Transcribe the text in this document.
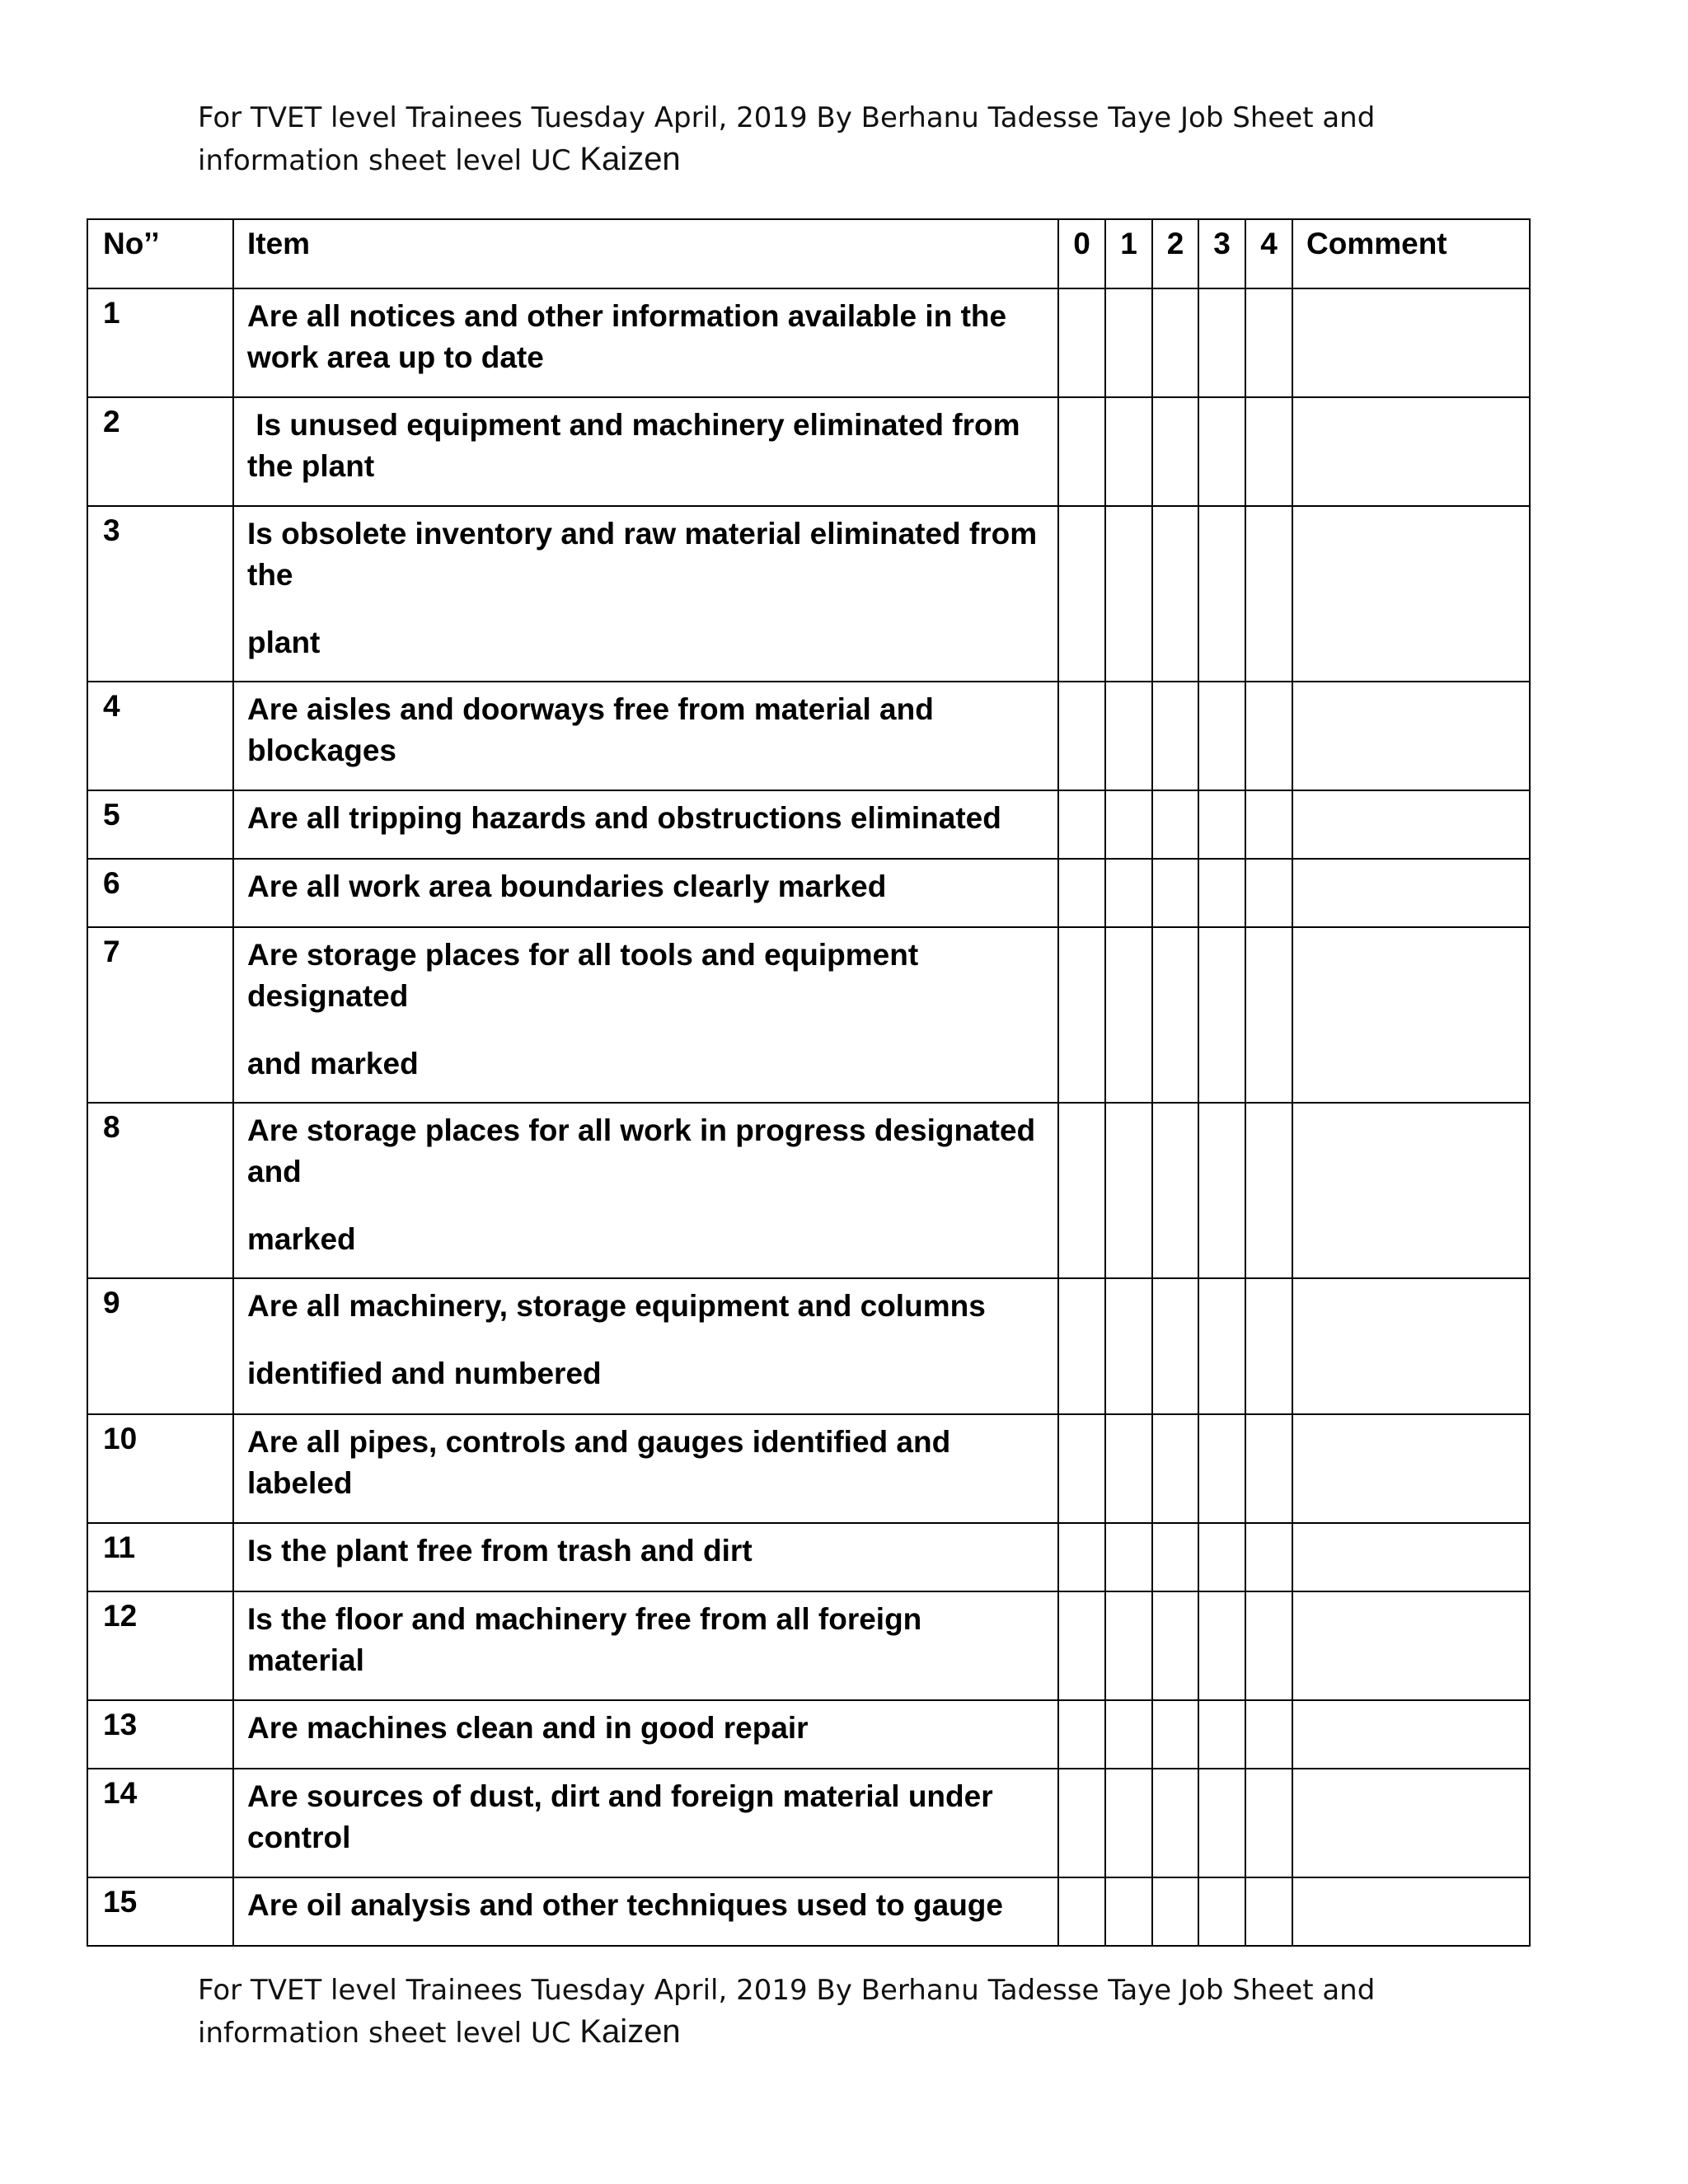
For TVET level Trainees Tuesday April, 2019 By Berhanu Tadesse Taye Job Sheet and
information sheet level UC Kaizen
No’’	Item	0	1	2	3	4	Comment
1	Are all notices and other information available in the
work area up to date						

2	Is unused equipment and machinery eliminated from
the plant						

3	Is obsolete inventory and raw material eliminated from
the
plant						

4	Are aisles and doorways free from material and
blockages						

5	Are all tripping hazards and obstructions eliminated						

6	Are all work area boundaries clearly marked						

7	Are storage places for all tools and equipment
designated
and marked						

8	Are storage places for all work in progress designated
and
marked						

9	Are all machinery, storage equipment and columns
identified and numbered						

10	Are all pipes, controls and gauges identified and
labeled						

11	Is the plant free from trash and dirt						

12	Is the floor and machinery free from all foreign
material						

13	Are machines clean and in good repair						

14	Are sources of dust, dirt and foreign material under
control						

15	Are oil analysis and other techniques used to gauge						

For TVET level Trainees Tuesday April, 2019 By Berhanu Tadesse Taye Job Sheet and
information sheet level UC Kaizen
